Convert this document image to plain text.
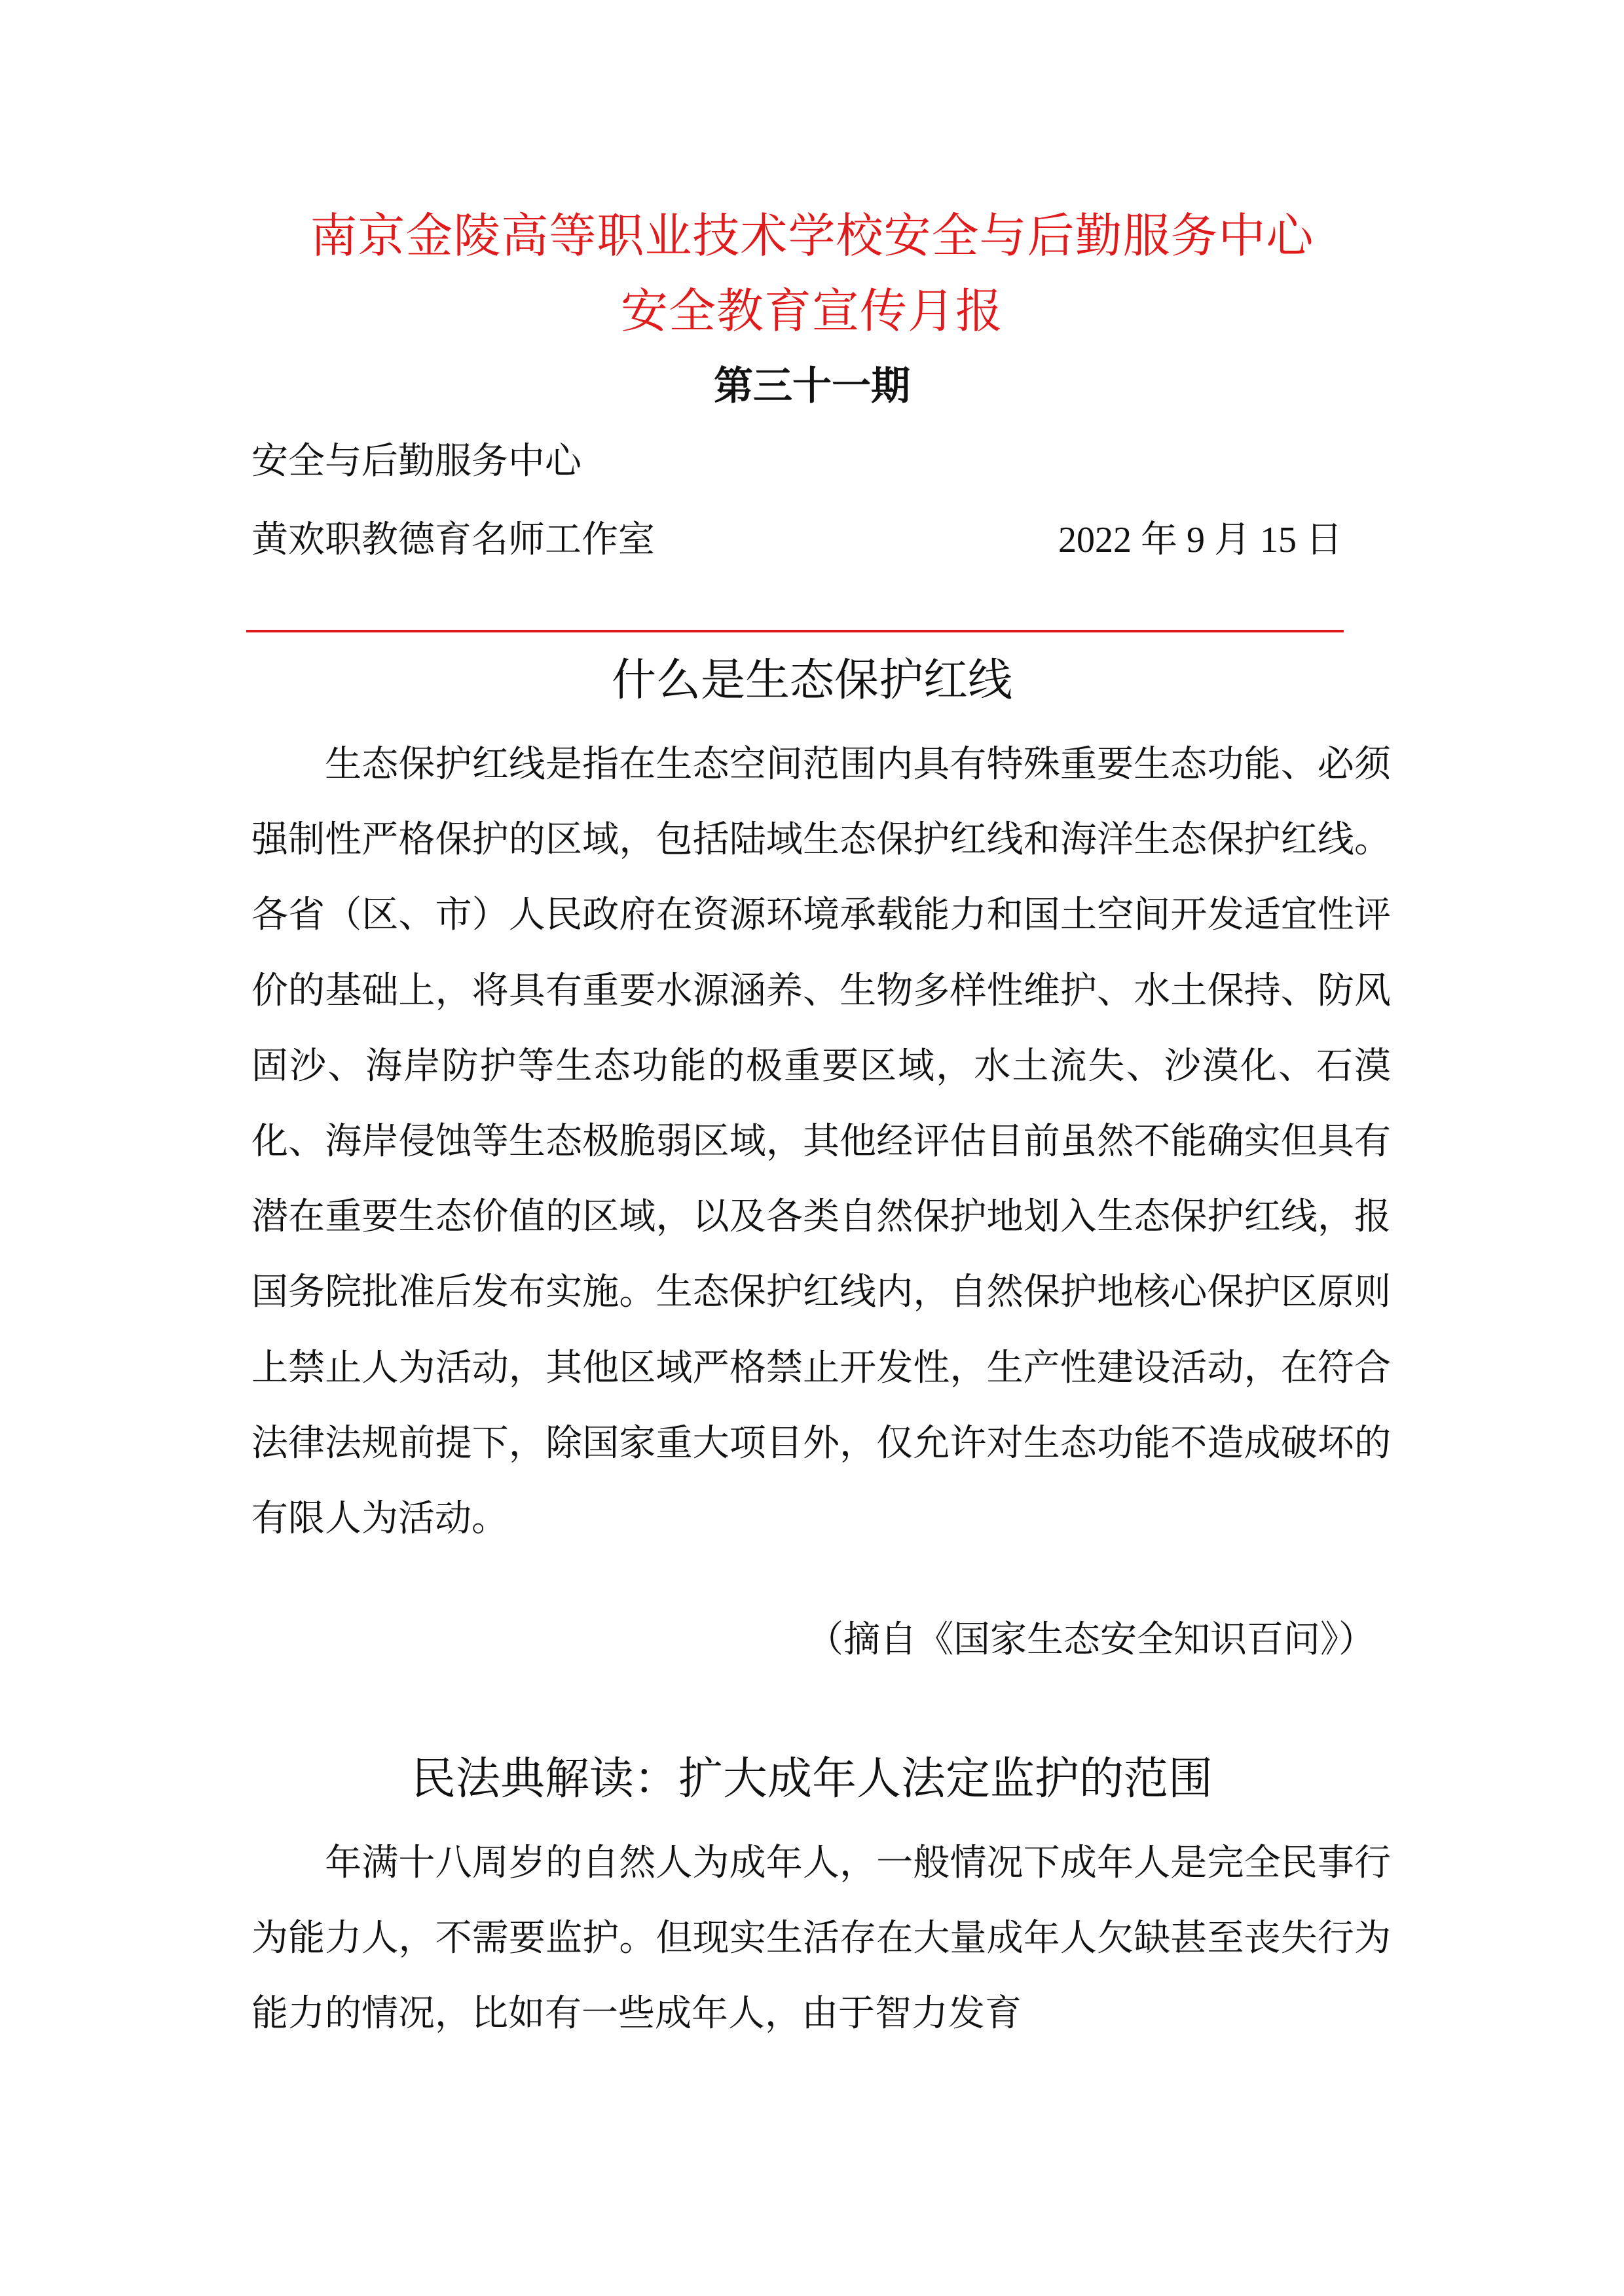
南京金陵高等职业技术学校安全与后勤服务中心
安全教育宣传月报
第三十一期
安全与后勤服务中心
黄欢职教德育名师工作室	2022 年 9 月 15 日
什么是生态保护红线
生态保护红线是指在生态空间范围内具有特殊重要生态功能、必须强制性严格保护的区域，包括陆域生态保护红线和海洋生态保护红线。各省（区、市）人民政府在资源环境承载能力和国土空间开发适宜性评价的基础上，将具有重要水源涵养、生物多样性维护、水土保持、防风固沙、海岸防护等生态功能的极重要区域，水土流失、沙漠化、石漠化、海岸侵蚀等生态极脆弱区域，其他经评估目前虽然不能确实但具有潜在重要生态价值的区域，以及各类自然保护地划入生态保护红线，报国务院批准后发布实施。生态保护红线内，自然保护地核心保护区原则上禁止人为活动，其他区域严格禁止开发性，生产性建设活动，在符合法律法规前提下，除国家重大项目外，仅允许对生态功能不造成破坏的有限人为活动。
（摘自《国家生态安全知识百问》）
民法典解读：扩大成年人法定监护的范围
年满十八周岁的自然人为成年人，一般情况下成年人是完全民事行为能力人，不需要监护。但现实生活存在大量成年人欠缺甚至丧失行为能力的情况，比如有一些成年人，由于智力发育
